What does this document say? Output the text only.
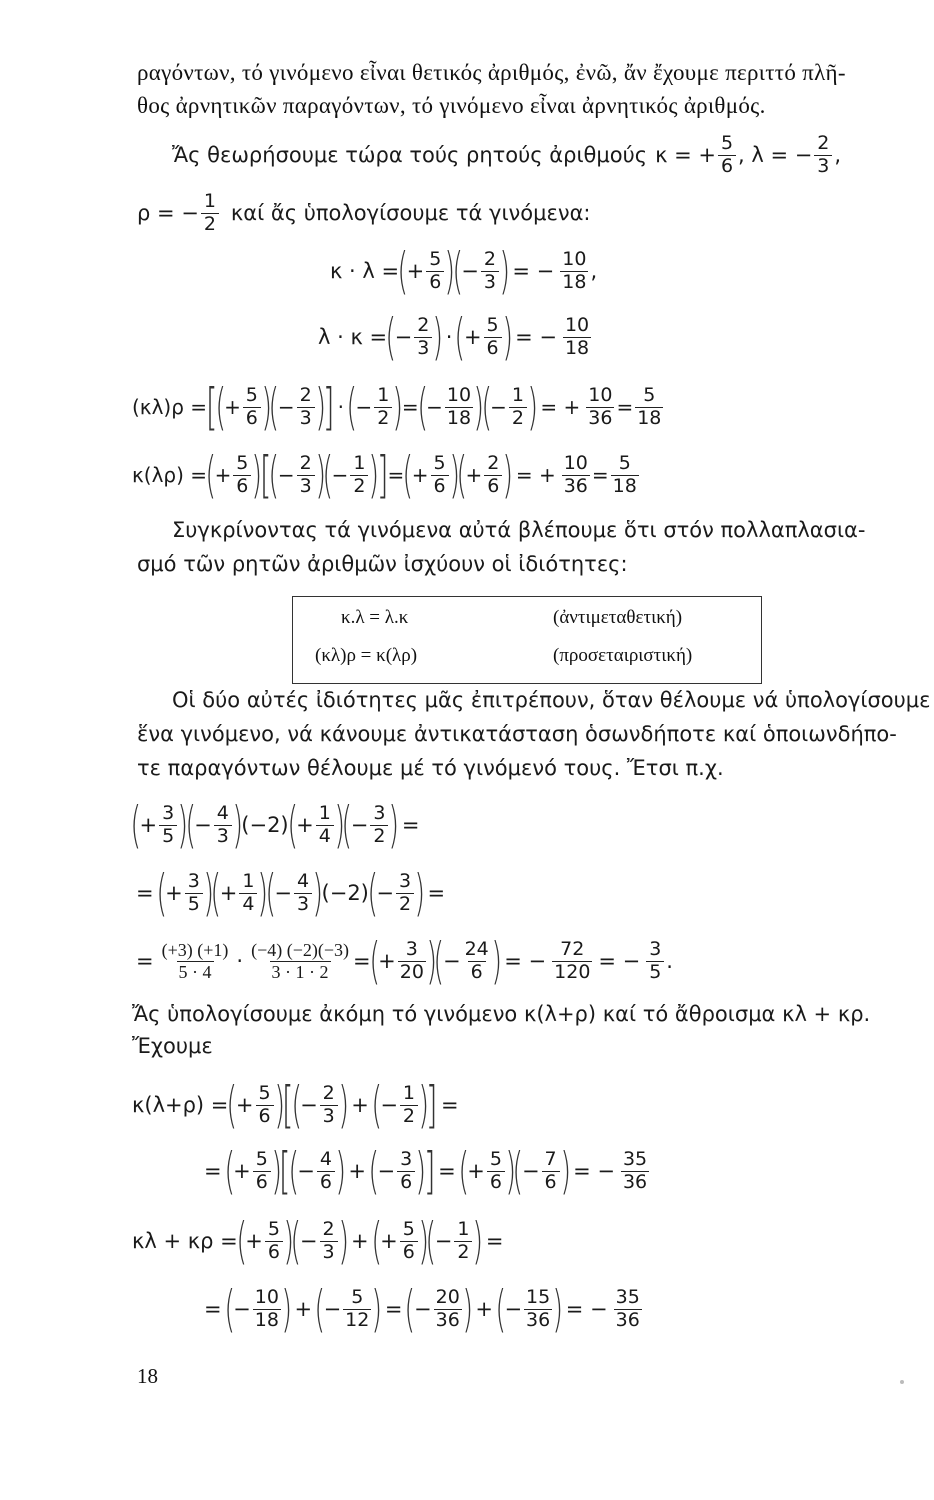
ραγόντων, τό γινόμενο εἶναι θετικός ἀριθμός, ἐνῶ, ἄν ἔχουμε περιττό πλῆ-
θος ἀρνητικῶν παραγόντων, τό γινόμενο εἶναι ἀρνητικός ἀριθμός.
Ἄς θεωρήσουμε τώρα τούς ρητούς ἀριθμούς κ = + $\frac{5}{6}$ , λ = − $\frac{2}{3}$ ,
ρ = − $\frac{1}{2}$ καί ἄς ὑπολογίσουμε τά γινόμενα:
κ · λ =
(
+ $\frac{5}{6}$ )
(
− $\frac{2}{3}$ ) = − $\frac{10}{18}$ ,
λ · κ =
(
− $\frac{2}{3}$ ) · (
+ $\frac{5}{6}$ ) = − $\frac{10}{18}$
(κλ)ρ =
[
(
+ $\frac{5}{6}$ )
(
− $\frac{2}{3}$ )
] · (
− $\frac{1}{2}$ )
=
(
− $\frac{10}{18}$ )
(
− $\frac{1}{2}$ ) = + $\frac{10}{36} = \frac{5}{18}$
κ(λρ) =
(
+ $\frac{5}{6}$ )
[
(
− $\frac{2}{3}$ )
(
− $\frac{1}{2}$ )
]
=
(
+ $\frac{5}{6}$ )
(
+ $\frac{2}{6}$ ) = + $\frac{10}{36} = \frac{5}{18}$
Συγκρίνοντας τά γινόμενα αὐτά βλέπουμε ὅτι στόν πολλαπλασια-
σμό τῶν ρητῶν ἀριθμῶν ἰσχύουν οἱ ἰδιότητες:
κ.λ = λ.κ	(ἀντιμεταθετική)
(κλ)ρ = κ(λρ)	(προσεταιριστική)
Οἱ δύο αὐτές ἰδιότητες μᾶς ἐπιτρέπουν, ὅταν θέλουμε νά ὑπολογίσουμε
ἕνα γινόμενο, νά κάνουμε ἀντικατάσταση ὁσωνδήποτε καί ὁποιωνδήπο-
τε παραγόντων θέλουμε μέ τό γινόμενό τους. Ἔτσι π.χ.
(
+ $\frac{3}{5}$ )
(
− $\frac{4}{3}$ )
(−2)
(
+ $\frac{1}{4}$ )
(
− $\frac{3}{2}$ ) =
= (
+ $\frac{3}{5}$ )
(
+ $\frac{1}{4}$ )
(
− $\frac{4}{3}$ )
(−2)
(
− $\frac{3}{2}$ ) =
= $\frac{(+3) (+1)}{5 \cdot 4} \cdot \frac{(-4) (-2)(-3)}{3 \cdot 1 \cdot 2}$ =
(
+ $\frac{3}{20}$ )
(
− $\frac{24}{6}$ ) = − $\frac{72}{120}$ = − $\frac{3}{5}$ .
Ἄς ὑπολογίσουμε ἀκόμη τό γινόμενο κ(λ+ρ) καί τό ἄθροισμα κλ + κρ.
Ἔχουμε
κ(λ+ρ) =
(
+ $\frac{5}{6}$ )
[
(
− $\frac{2}{3}$ ) + (
− $\frac{1}{2}$ )
] =
= (
+ $\frac{5}{6}$ )
[
(
− $\frac{4}{6}$ ) + (
− $\frac{3}{6}$ )
] = (
+ $\frac{5}{6}$ )
(
− $\frac{7}{6}$ ) = − $\frac{35}{36}$
κλ + κρ =
(
+ $\frac{5}{6}$ )
(
− $\frac{2}{3}$ ) + (
+ $\frac{5}{6}$ )
(
− $\frac{1}{2}$ ) =
= (
− $\frac{10}{18}$ ) + (
− $\frac{5}{12}$ ) = (
− $\frac{20}{36}$ ) + (
− $\frac{15}{36}$ ) = − $\frac{35}{36}$
18
